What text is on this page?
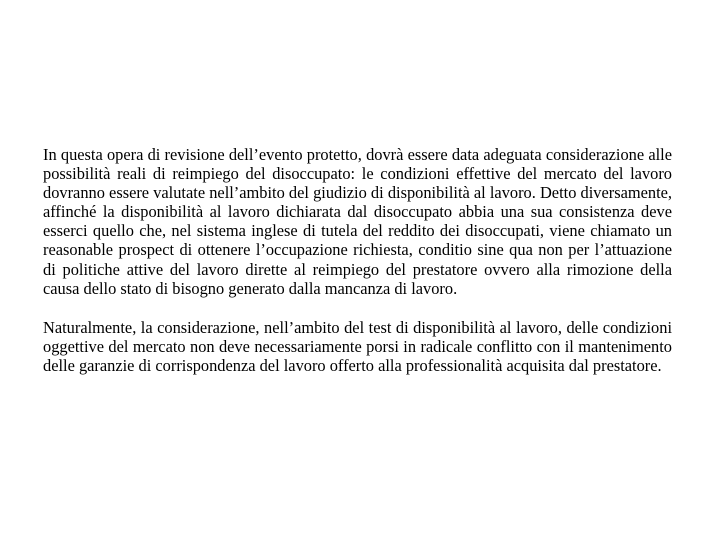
In questa opera di revisione dell’evento protetto, dovrà essere data adeguata considerazione alle possibilità reali di reimpiego del disoccupato: le condizioni effettive del mercato del lavoro dovranno essere valutate nell’ambito del giudizio di disponibilità al lavoro. Detto diversamente, affinché la disponibilità al lavoro dichiarata dal disoccupato abbia una sua consistenza deve esserci quello che, nel sistema inglese di tutela del reddito dei disoccupati, viene chiamato un reasonable prospect di ottenere l’occupazione richiesta, conditio sine qua non per l’attuazione di politiche attive del lavoro dirette al reimpiego del prestatore ovvero alla rimozione della causa dello stato di bisogno generato dalla mancanza di lavoro.

Naturalmente, la considerazione, nell’ambito del test di disponibilità al lavoro, delle condizioni oggettive del mercato non deve necessariamente porsi in radicale conflitto con il mantenimento delle garanzie di corrispondenza del lavoro offerto alla professionalità acquisita dal prestatore.
